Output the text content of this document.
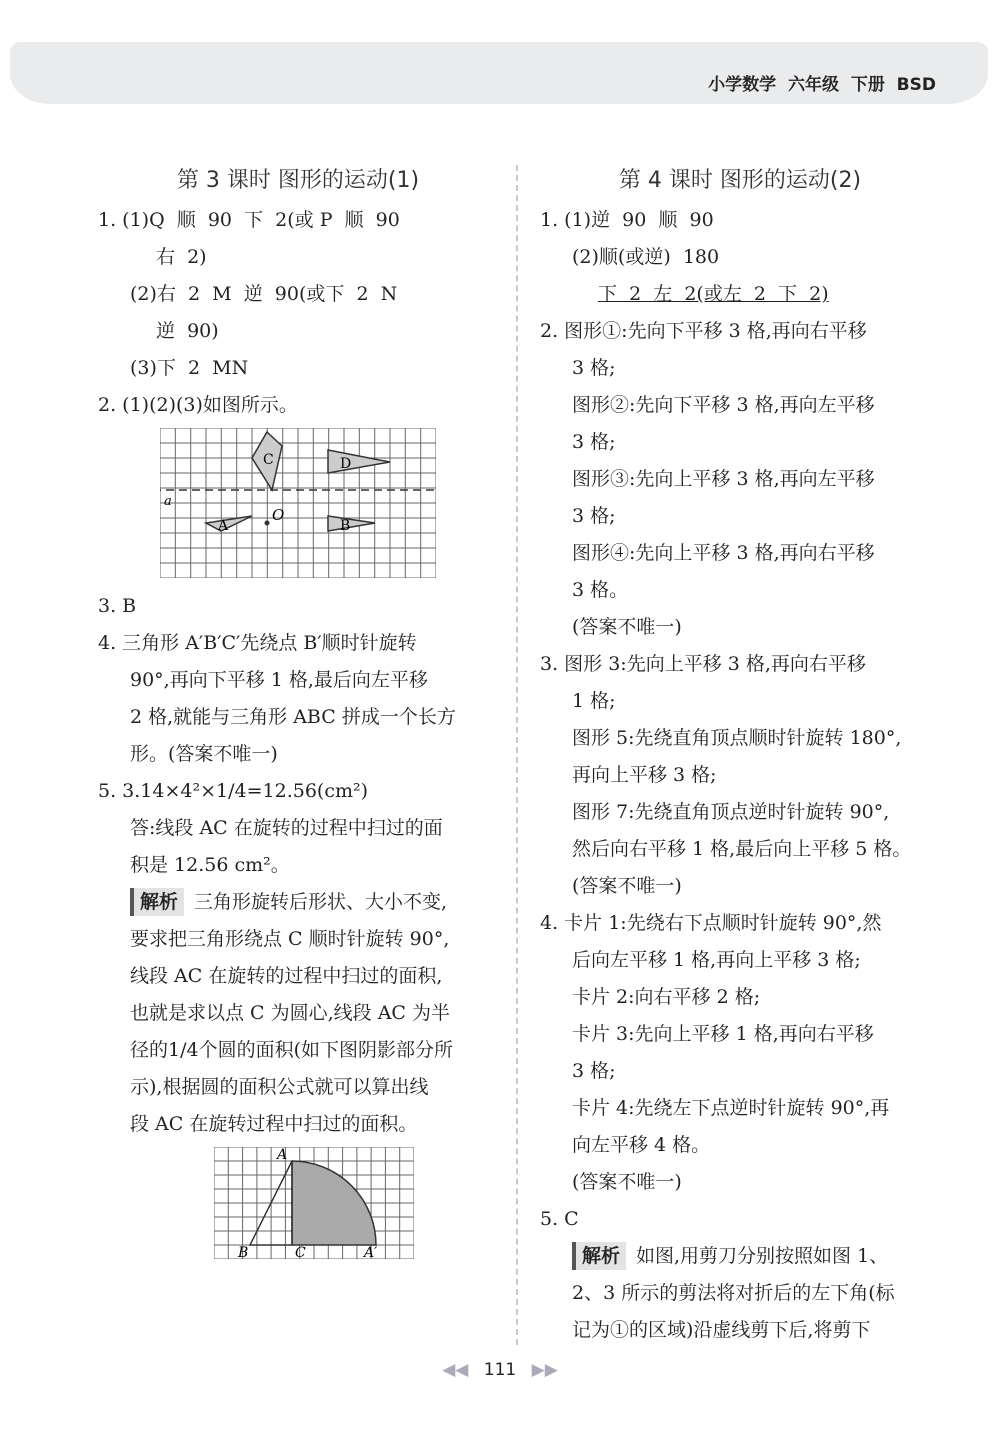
小学数学  六年级  下册  BSD
第 3 课时 图形的运动(1)
1. (1)Q  顺  90  下  2(或 P  顺  90
右  2)
(2)右  2  M  逆  90(或下  2  N
逆  90)
(3)下  2  MN
2. (1)(2)(3)如图所示。
C	D
A
O
B
a
3. B
4. 三角形 A′B′C′先绕点 B′顺时针旋转
90°,再向下平移 1 格,最后向左平移
2 格,就能与三角形 ABC 拼成一个长方
形。(答案不唯一)
5. 3.14×4²×1/4=12.56(cm²)
答:线段 AC 在旋转的过程中扫过的面
积是 12.56 cm²。
解析 三角形旋转后形状、大小不变,
要求把三角形绕点 C 顺时针旋转 90°,
线段 AC 在旋转的过程中扫过的面积,
也就是求以点 C 为圆心,线段 AC 为半
径的1/4个圆的面积(如下图阴影部分所
示),根据圆的面积公式就可以算出线
段 AC 在旋转过程中扫过的面积。
A
B	C	A′
第 4 课时 图形的运动(2)
1. (1)逆  90  顺  90
(2)顺(或逆)  180
下  2  左  2(或左  2  下  2)
2. 图形①:先向下平移 3 格,再向右平移
3 格;
图形②:先向下平移 3 格,再向左平移
3 格;
图形③:先向上平移 3 格,再向左平移
3 格;
图形④:先向上平移 3 格,再向右平移
3 格。
(答案不唯一)
3. 图形 3:先向上平移 3 格,再向右平移
1 格;
图形 5:先绕直角顶点顺时针旋转 180°,
再向上平移 3 格;
图形 7:先绕直角顶点逆时针旋转 90°,
然后向右平移 1 格,最后向上平移 5 格。
(答案不唯一)
4. 卡片 1:先绕右下点顺时针旋转 90°,然
后向左平移 1 格,再向上平移 3 格;
卡片 2:向右平移 2 格;
卡片 3:先向上平移 1 格,再向右平移
3 格;
卡片 4:先绕左下点逆时针旋转 90°,再
向左平移 4 格。
(答案不唯一)
5. C
解析 如图,用剪刀分别按照如图 1、
2、3 所示的剪法将对折后的左下角(标
记为①的区域)沿虚线剪下后,将剪下
◀◀ 111 ▶▶
